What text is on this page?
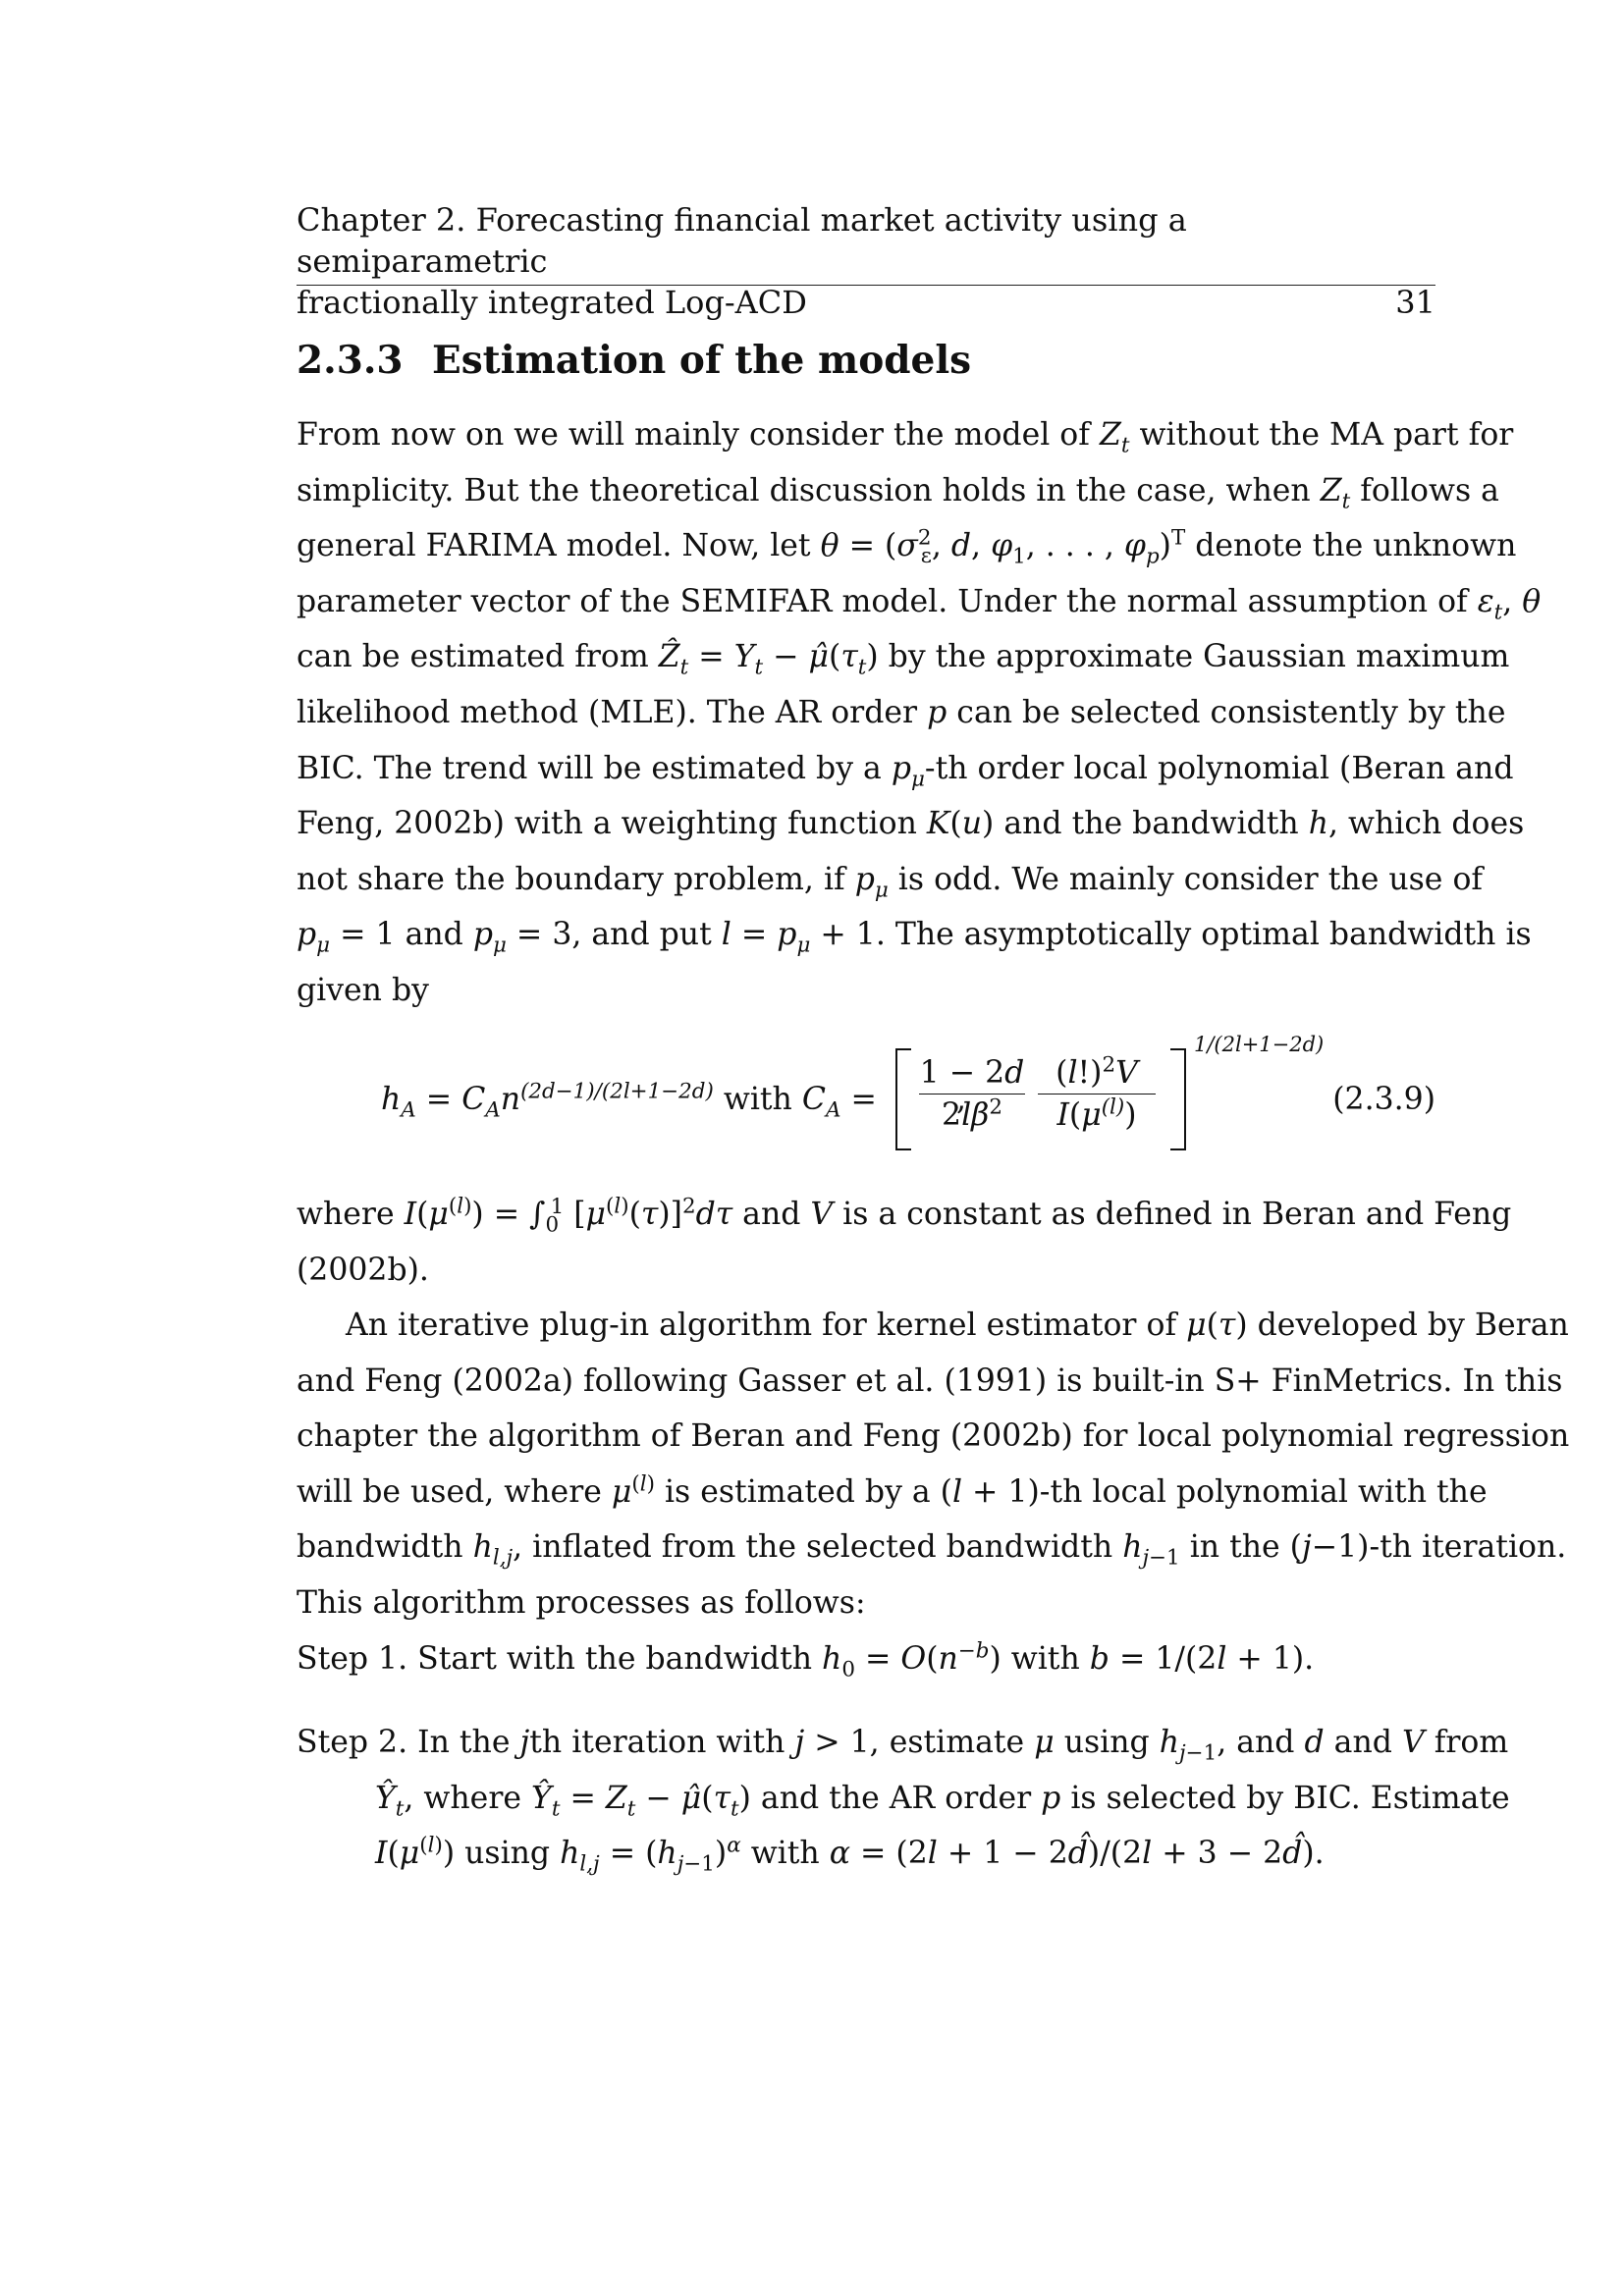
Chapter 2. Forecasting financial market activity using a semiparametric
fractionally integrated Log-ACD	31
2.3.3 Estimation of the models
From now on we will mainly consider the model of $Z_t$ without the MA part for
simplicity. But the theoretical discussion holds in the case, when $Z_t$ follows a
general FARIMA model. Now, let $\theta = (\sigma^2_\varepsilon$, d, $\varphi_1$, . . . , $\varphi_p)^T$ denote the unknown
parameter vector of the SEMIFAR model. Under the normal assumption of $\varepsilon_t$, θ
can be estimated from Ẑ$_t$ = $Y_t$ − $\mû(\tau_t)$ by the approximate Gaussian maximum
likelihood method (MLE). The AR order p can be selected consistently by the
BIC. The trend will be estimated by a $p_\mu-th$ order local polynomial (Beran and
Feng, 2002b) with a weighting function K(u) and the bandwidth h, which does
not share the boundary problem, if $p_\mu$ is odd. We mainly consider the use of
$p_\mu = 1$ and $p_\mu = 3$, and put $l = p_\mu + 1$. The asymptotically optimal bandwidth is
given by
$h_A = C_An^{(2d-1)/(2l+1-2d)}$ with $C_A$ =
1 − 2d
$2l\beta^2$
$(l!)^2V$
$I(\mu^{(l)})$
1/(2l+1−2d)
,	(2.3.9)
where $I(\mu^{(l)}) = \int_0^1$ $[\mu^{(l)}(\tau)]^2d\tau$ and V is a constant as defined in Beran and Feng
(2002b).
An iterative plug-in algorithm for kernel estimator of μ(τ) developed by Beran
and Feng (2002a) following Gasser et al. (1991) is built-in S+ FinMetrics. In this
chapter the algorithm of Beran and Feng (2002b) for local polynomial regression
will be used, where $\mu^{(l)}$ is estimated by a (l + 1)-th local polynomial with the
bandwidth $h_{l,j}$, inflated from the selected bandwidth $h_{j-1}$ in the (j−1)-th iteration.
This algorithm processes as follows:
Step 1. Start with the bandwidth $h_0 = O(n^{-b})$ with b = 1/(2l + 1).
Step 2. In the jth iteration with j > 1, estimate μ using $h_{j-1}$, and d and V from
$Ŷ_t$, where $Ŷ_t = Z_t$ − $\mû(\tau_t)$ and the AR order p is selected by BIC. Estimate
$I(\mu^{(l)})$ using $h_{l,j} = (h_{j-1})^\alpha$ with α = (2l + 1 − 2d̂)/(2l + 3 − 2d̂).
